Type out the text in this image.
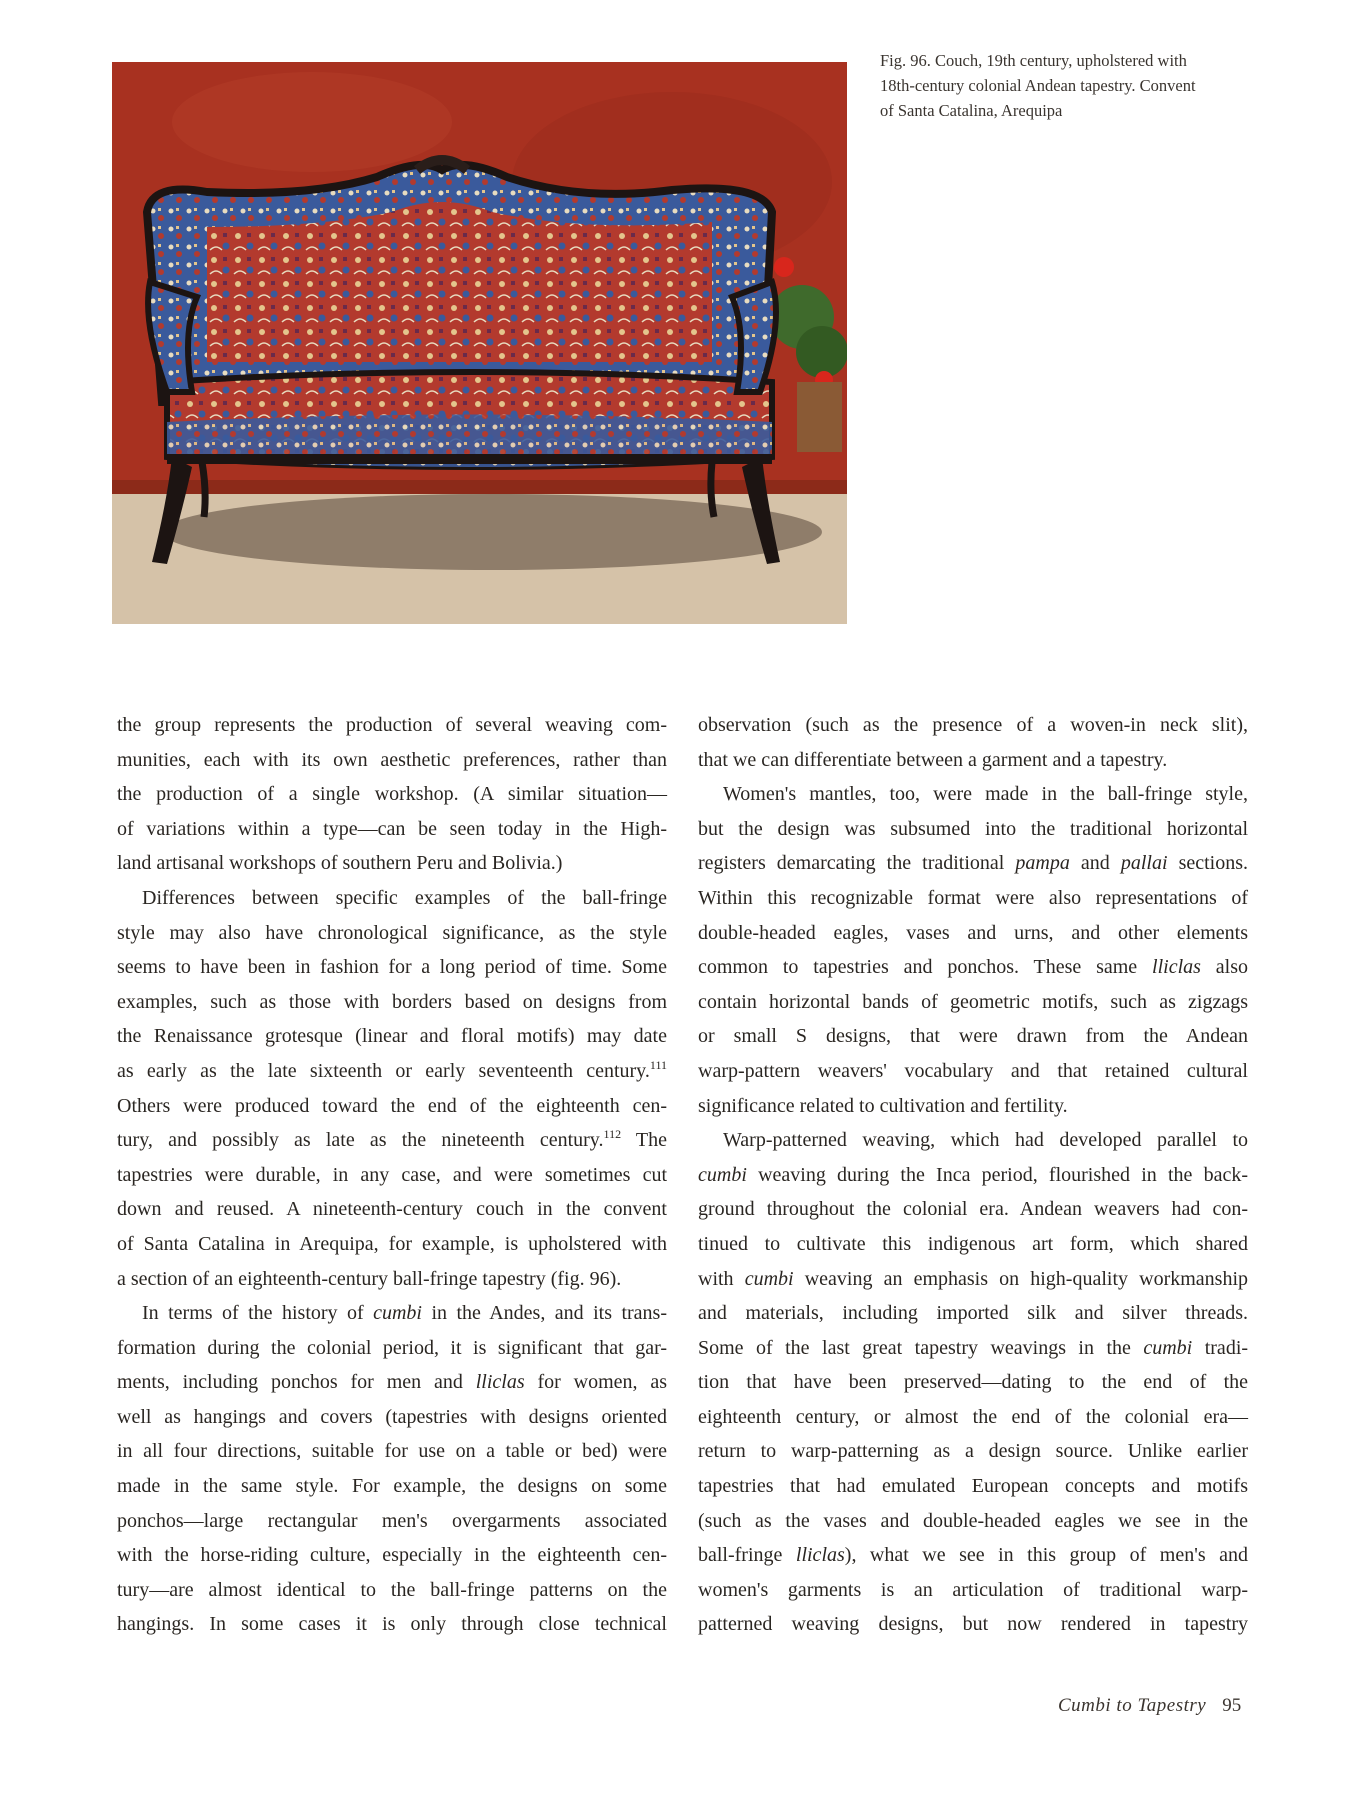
Fig. 96. Couch, 19th century, upholstered with
18th-century colonial Andean tapestry. Convent
of Santa Catalina, Arequipa
the group represents the production of several weaving com-
munities, each with its own aesthetic preferences, rather than
the production of a single workshop. (A similar situation—
of variations within a type—can be seen today in the High-
land artisanal workshops of southern Peru and Bolivia.)
Differences between specific examples of the ball-fringe
style may also have chronological significance, as the style
seems to have been in fashion for a long period of time. Some
examples, such as those with borders based on designs from
the Renaissance grotesque (linear and floral motifs) may date
as early as the late sixteenth or early seventeenth century.$^{111}$
Others were produced toward the end of the eighteenth cen-
tury, and possibly as late as the nineteenth century.$^{112}$ The
tapestries were durable, in any case, and were sometimes cut
down and reused. A nineteenth-century couch in the convent
of Santa Catalina in Arequipa, for example, is upholstered with
a section of an eighteenth-century ball-fringe tapestry (fig. 96).
In terms of the history of cumbi in the Andes, and its trans-
formation during the colonial period, it is significant that gar-
ments, including ponchos for men and lliclas for women, as
well as hangings and covers (tapestries with designs oriented
in all four directions, suitable for use on a table or bed) were
made in the same style. For example, the designs on some
ponchos—large rectangular men's overgarments associated
with the horse-riding culture, especially in the eighteenth cen-
tury—are almost identical to the ball-fringe patterns on the
hangings. In some cases it is only through close technical
observation (such as the presence of a woven-in neck slit),
that we can differentiate between a garment and a tapestry.
Women's mantles, too, were made in the ball-fringe style,
but the design was subsumed into the traditional horizontal
registers demarcating the traditional pampa and pallai sections.
Within this recognizable format were also representations of
double-headed eagles, vases and urns, and other elements
common to tapestries and ponchos. These same lliclas also
contain horizontal bands of geometric motifs, such as zigzags
or small S designs, that were drawn from the Andean
warp-pattern weavers' vocabulary and that retained cultural
significance related to cultivation and fertility.
Warp-patterned weaving, which had developed parallel to
cumbi weaving during the Inca period, flourished in the back-
ground throughout the colonial era. Andean weavers had con-
tinued to cultivate this indigenous art form, which shared
with cumbi weaving an emphasis on high-quality workmanship
and materials, including imported silk and silver threads.
Some of the last great tapestry weavings in the cumbi tradi-
tion that have been preserved—dating to the end of the
eighteenth century, or almost the end of the colonial era—
return to warp-patterning as a design source. Unlike earlier
tapestries that had emulated European concepts and motifs
(such as the vases and double-headed eagles we see in the
ball-fringe lliclas), what we see in this group of men's and
women's garments is an articulation of traditional warp-
patterned weaving designs, but now rendered in tapestry
Cumbi to Tapestry 95
